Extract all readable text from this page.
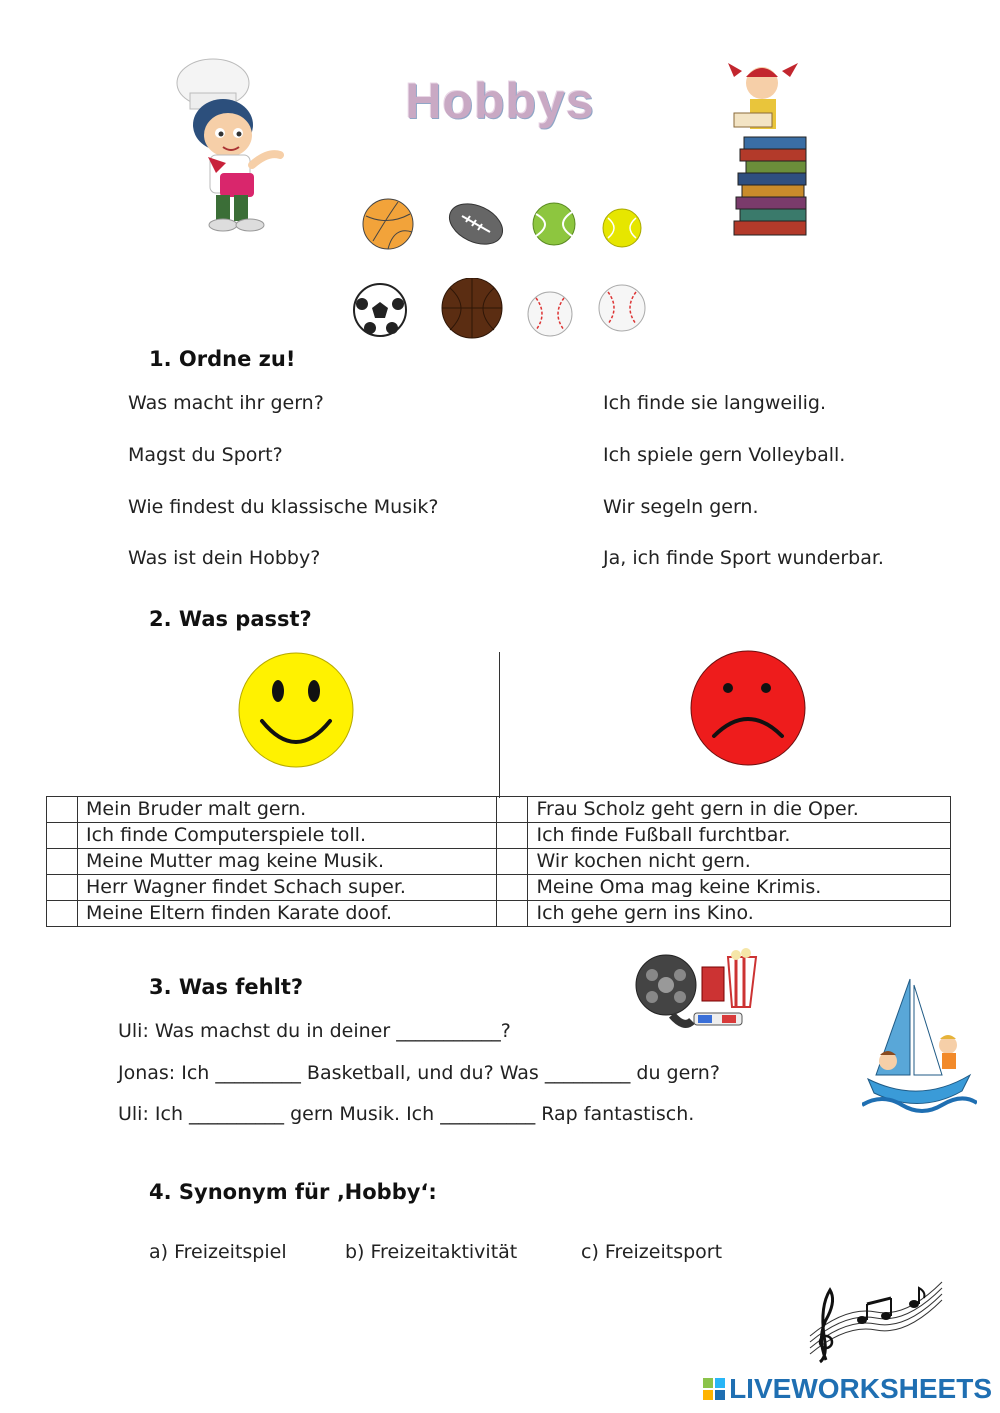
Hobbys
1. Ordne zu!
Was macht ihr gern?
Magst du Sport?
Wie findest du klassische Musik?
Was ist dein Hobby?
Ich finde sie langweilig.
Ich spiele gern Volleyball.
Wir segeln gern.
Ja, ich finde Sport wunderbar.
2. Was passt?
	Mein Bruder malt gern.		Frau Scholz geht gern in die Oper.
	Ich finde Computerspiele toll.		Ich finde Fußball furchtbar.
	Meine Mutter mag keine Musik.		Wir kochen nicht gern.
	Herr Wagner findet Schach super.		Meine Oma mag keine Krimis.
	Meine Eltern finden Karate doof.		Ich gehe gern ins Kino.
3. Was fehlt?
Uli: Was machst du in deiner ___________?
Jonas: Ich _________ Basketball, und du? Was _________ du gern?
Uli: Ich __________ gern Musik. Ich __________ Rap fantastisch.
4. Synonym für ‚Hobby‘:
a) Freizeitspiel	b) Freizeitaktivität	c) Freizeitsport
LIVEWORKSHEETS
